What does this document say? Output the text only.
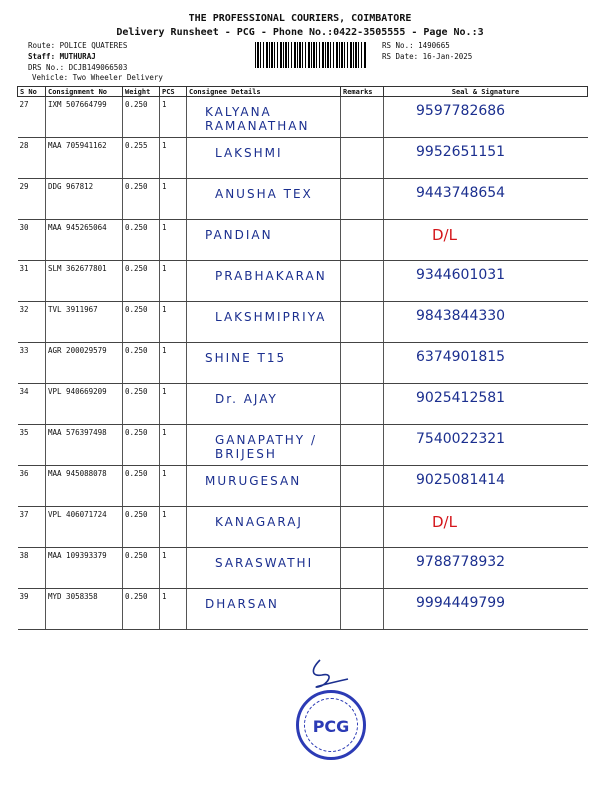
THE PROFESSIONAL COURIERS, COIMBATORE
Delivery Runsheet - PCG - Phone No.:0422-3505555 - Page No.:3
Route: POLICE QUATERES
Staff: MUTHURAJ
DRS No.: DCJB149066503
Vehicle: Two Wheeler Delivery
RS No.: 1490665
RS Date: 16-Jan-2025
S No	Consignment No	Weight	PCS	Consignee Details	Remarks	Seal & Signature
27	IXM 507664799	0.250	1	KALYANA RAMANATHAN		9597782686

28	MAA 705941162	0.255	1	LAKSHMI		9952651151

29	DDG 967812	0.250	1	ANUSHA TEX		9443748654

30	MAA 945265064	0.250	1	PANDIAN		D/L

31	SLM 362677801	0.250	1	PRABHAKARAN		9344601031

32	TVL 3911967	0.250	1	LAKSHMIPRIYA		9843844330

33	AGR 200029579	0.250	1	SHINE T15		6374901815

34	VPL 940669209	0.250	1	Dr. AJAY		9025412581

35	MAA 576397498	0.250	1	GANAPATHY / BRIJESH		7540022321

36	MAA 945088078	0.250	1	MURUGESAN		9025081414

37	VPL 406071724	0.250	1	KANAGARAJ		D/L

38	MAA 109393379	0.250	1	SARASWATHI		9788778932

39	MYD 3058358	0.250	1	DHARSAN		9994449799
PCG
